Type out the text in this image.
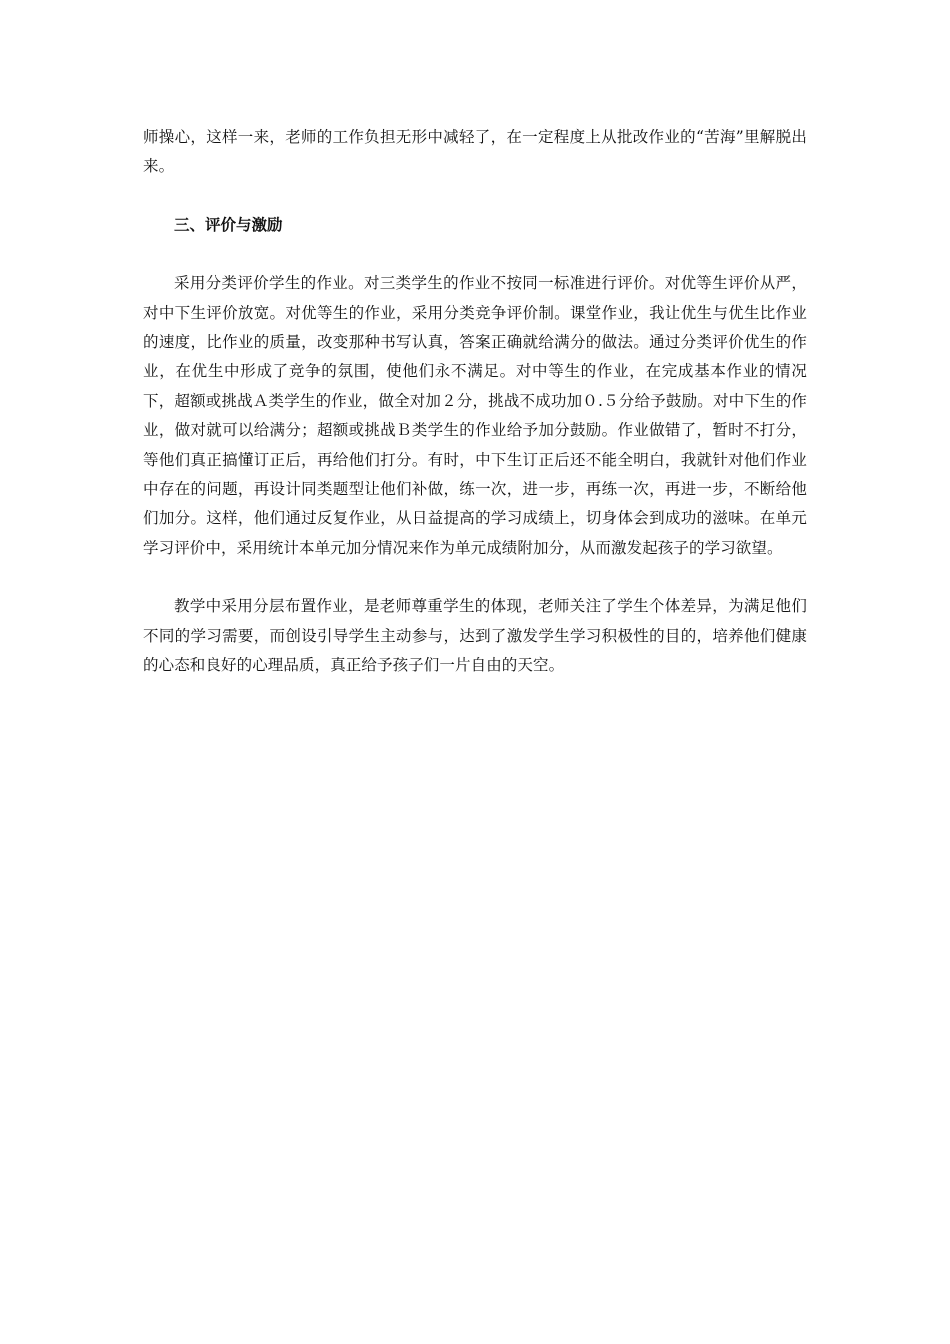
师操心，这样一来，老师的工作负担无形中减轻了，在一定程度上从批改作业的“苦海”里解脱出来。

三、评价与激励

采用分类评价学生的作业。对三类学生的作业不按同一标准进行评价。对优等生评价从严，对中下生评价放宽。对优等生的作业，采用分类竞争评价制。课堂作业，我让优生与优生比作业的速度，比作业的质量，改变那种书写认真，答案正确就给满分的做法。通过分类评价优生的作业，在优生中形成了竞争的氛围，使他们永不满足。对中等生的作业，在完成基本作业的情况下，超额或挑战Ａ类学生的作业，做全对加２分，挑战不成功加０.５分给予鼓励。对中下生的作业，做对就可以给满分；超额或挑战Ｂ类学生的作业给予加分鼓励。作业做错了，暂时不打分，等他们真正搞懂订正后，再给他们打分。有时，中下生订正后还不能全明白，我就针对他们作业中存在的问题，再设计同类题型让他们补做，练一次，进一步，再练一次，再进一步，不断给他们加分。这样，他们通过反复作业，从日益提高的学习成绩上，切身体会到成功的滋味。在单元学习评价中，采用统计本单元加分情况来作为单元成绩附加分，从而激发起孩子的学习欲望。

教学中采用分层布置作业，是老师尊重学生的体现，老师关注了学生个体差异，为满足他们不同的学习需要，而创设引导学生主动参与，达到了激发学生学习积极性的目的，培养他们健康的心态和良好的心理品质，真正给予孩子们一片自由的天空。
